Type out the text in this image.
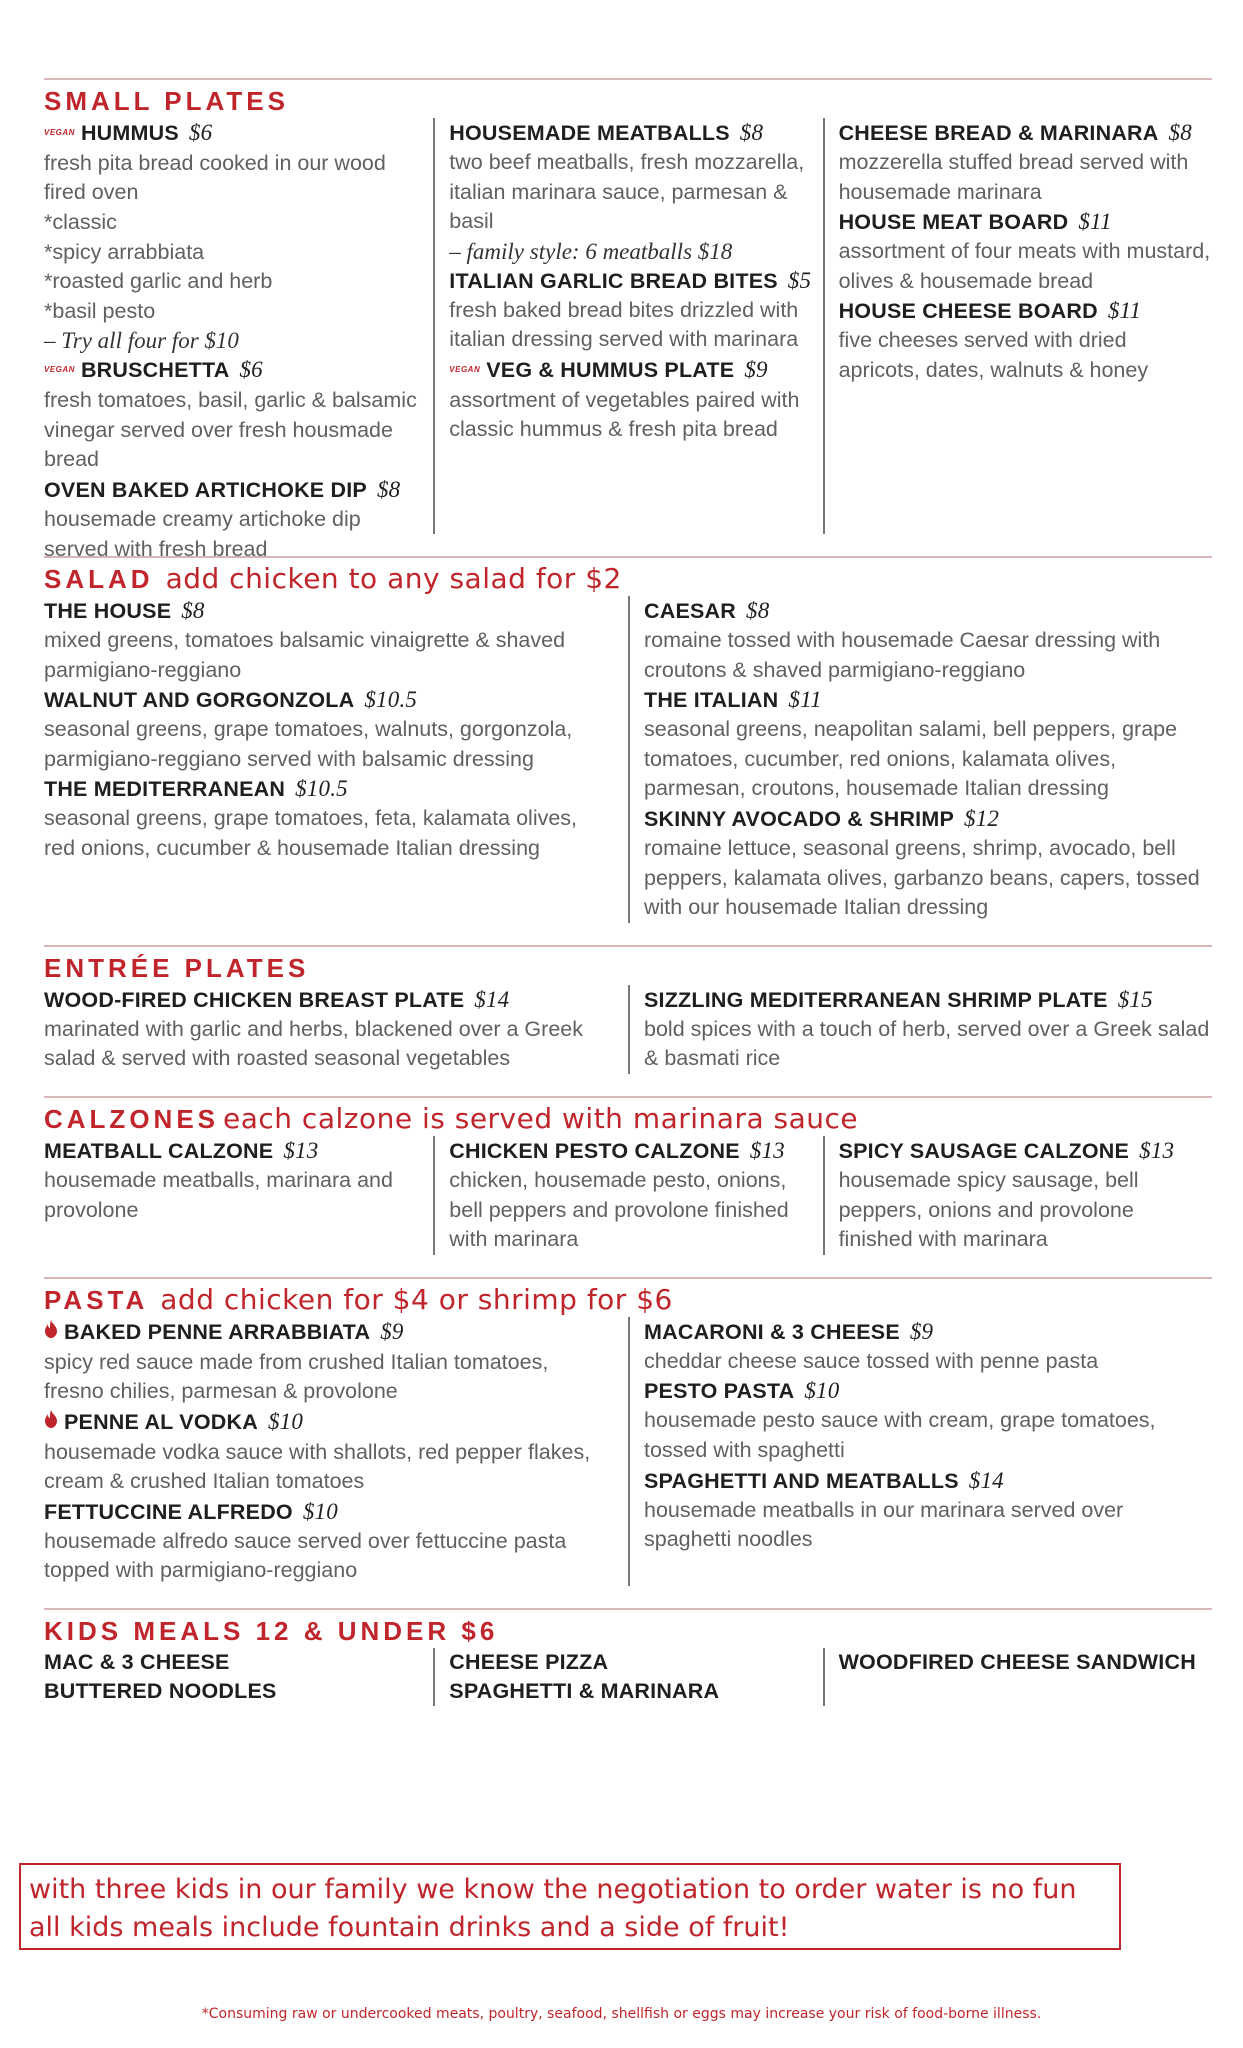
SMALL PLATES
VEGAN HUMMUS $6
fresh pita bread cooked in our wood fired oven
*classic
*spicy arrabbiata
*roasted garlic and herb
*basil pesto
– Try all four for $10
VEGAN BRUSCHETTA $6
fresh tomatoes, basil, garlic & balsamic vinegar served over fresh housmade bread
OVEN BAKED ARTICHOKE DIP $8
housemade creamy artichoke dip served with fresh bread
HOUSEMADE MEATBALLS $8
two beef meatballs, fresh mozzarella, italian marinara sauce, parmesan & basil
– family style: 6 meatballs $18
ITALIAN GARLIC BREAD BITES $5
fresh baked bread bites drizzled with italian dressing served with marinara
VEGAN VEG & HUMMUS PLATE $9
assortment of vegetables paired with classic hummus & fresh pita bread
CHEESE BREAD & MARINARA $8
mozzerella stuffed bread served with housemade marinara
HOUSE MEAT BOARD $11
assortment of four meats with mustard, olives & housemade bread
HOUSE CHEESE BOARD $11
five cheeses served with dried apricots, dates, walnuts & honey
SALAD add chicken to any salad for $2
THE HOUSE $8
mixed greens, tomatoes balsamic vinaigrette & shaved parmigiano-reggiano
WALNUT AND GORGONZOLA $10.5
seasonal greens, grape tomatoes, walnuts, gorgonzola, parmigiano-reggiano served with balsamic dressing
THE MEDITERRANEAN $10.5
seasonal greens, grape tomatoes, feta, kalamata olives, red onions, cucumber & housemade Italian dressing
CAESAR $8
romaine tossed with housemade Caesar dressing with croutons & shaved parmigiano-reggiano
THE ITALIAN $11
seasonal greens, neapolitan salami, bell peppers, grape tomatoes, cucumber, red onions, kalamata olives, parmesan, croutons, housemade Italian dressing
SKINNY AVOCADO & SHRIMP $12
romaine lettuce, seasonal greens, shrimp, avocado, bell peppers, kalamata olives, garbanzo beans, capers, tossed with our housemade Italian dressing
ENTRÉE PLATES
WOOD-FIRED CHICKEN BREAST PLATE $14
marinated with garlic and herbs, blackened over a Greek salad & served with roasted seasonal vegetables
SIZZLING MEDITERRANEAN SHRIMP PLATE $15
bold spices with a touch of herb, served over a Greek salad & basmati rice
CALZONES each calzone is served with marinara sauce
MEATBALL CALZONE $13
housemade meatballs, marinara and provolone
CHICKEN PESTO CALZONE $13
chicken, housemade pesto, onions, bell peppers and provolone finished with marinara
SPICY SAUSAGE CALZONE $13
housemade spicy sausage, bell peppers, onions and provolone finished with marinara
PASTA add chicken for $4 or shrimp for $6
BAKED PENNE ARRABBIATA $9
spicy red sauce made from crushed Italian tomatoes, fresno chilies, parmesan & provolone
PENNE AL VODKA $10
housemade vodka sauce with shallots, red pepper flakes, cream & crushed Italian tomatoes
FETTUCCINE ALFREDO $10
housemade alfredo sauce served over fettuccine pasta topped with parmigiano-reggiano
MACARONI & 3 CHEESE $9
cheddar cheese sauce tossed with penne pasta
PESTO PASTA $10
housemade pesto sauce with cream, grape tomatoes, tossed with spaghetti
SPAGHETTI AND MEATBALLS $14
housemade meatballs in our marinara served over spaghetti noodles
KIDS MEALS 12 & UNDER $6
MAC & 3 CHEESE
BUTTERED NOODLES
CHEESE PIZZA
SPAGHETTI & MARINARA
WOODFIRED CHEESE SANDWICH
with three kids in our family we know the negotiation to order water is no fun
all kids meals include fountain drinks and a side of fruit!
*Consuming raw or undercooked meats, poultry, seafood, shellfish or eggs may increase your risk of food-borne illness.
